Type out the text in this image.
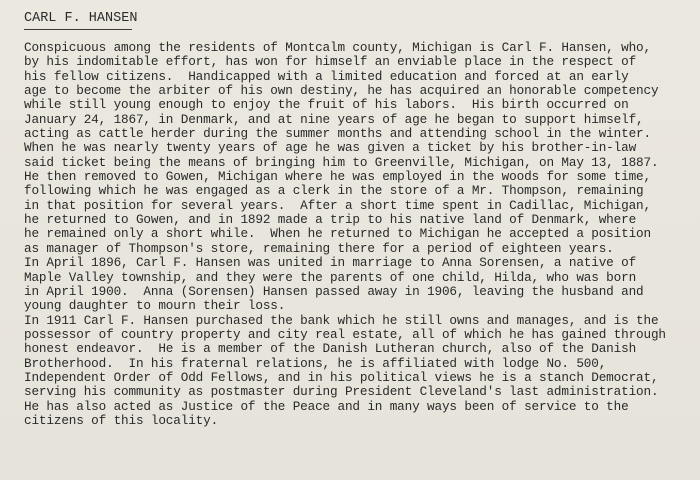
CARL F. HANSEN
Conspicuous among the residents of Montcalm county, Michigan is Carl F. Hansen, who,
by his indomitable effort, has won for himself an enviable place in the respect of
his fellow citizens.  Handicapped with a limited education and forced at an early
age to become the arbiter of his own destiny, he has acquired an honorable competency
while still young enough to enjoy the fruit of his labors.  His birth occurred on
January 24, 1867, in Denmark, and at nine years of age he began to support himself,
acting as cattle herder during the summer months and attending school in the winter.
When he was nearly twenty years of age he was given a ticket by his brother-in-law
said ticket being the means of bringing him to Greenville, Michigan, on May 13, 1887.
He then removed to Gowen, Michigan where he was employed in the woods for some time,
following which he was engaged as a clerk in the store of a Mr. Thompson, remaining
in that position for several years.  After a short time spent in Cadillac, Michigan,
he returned to Gowen, and in 1892 made a trip to his native land of Denmark, where
he remained only a short while.  When he returned to Michigan he accepted a position
as manager of Thompson's store, remaining there for a period of eighteen years.
In April 1896, Carl F. Hansen was united in marriage to Anna Sorensen, a native of
Maple Valley township, and they were the parents of one child, Hilda, who was born
in April 1900.  Anna (Sorensen) Hansen passed away in 1906, leaving the husband and
young daughter to mourn their loss.
In 1911 Carl F. Hansen purchased the bank which he still owns and manages, and is the
possessor of country property and city real estate, all of which he has gained through
honest endeavor.  He is a member of the Danish Lutheran church, also of the Danish
Brotherhood.  In his fraternal relations, he is affiliated with lodge No. 500,
Independent Order of Odd Fellows, and in his political views he is a stanch Democrat,
serving his community as postmaster during President Cleveland's last administration.
He has also acted as Justice of the Peace and in many ways been of service to the
citizens of this locality.
